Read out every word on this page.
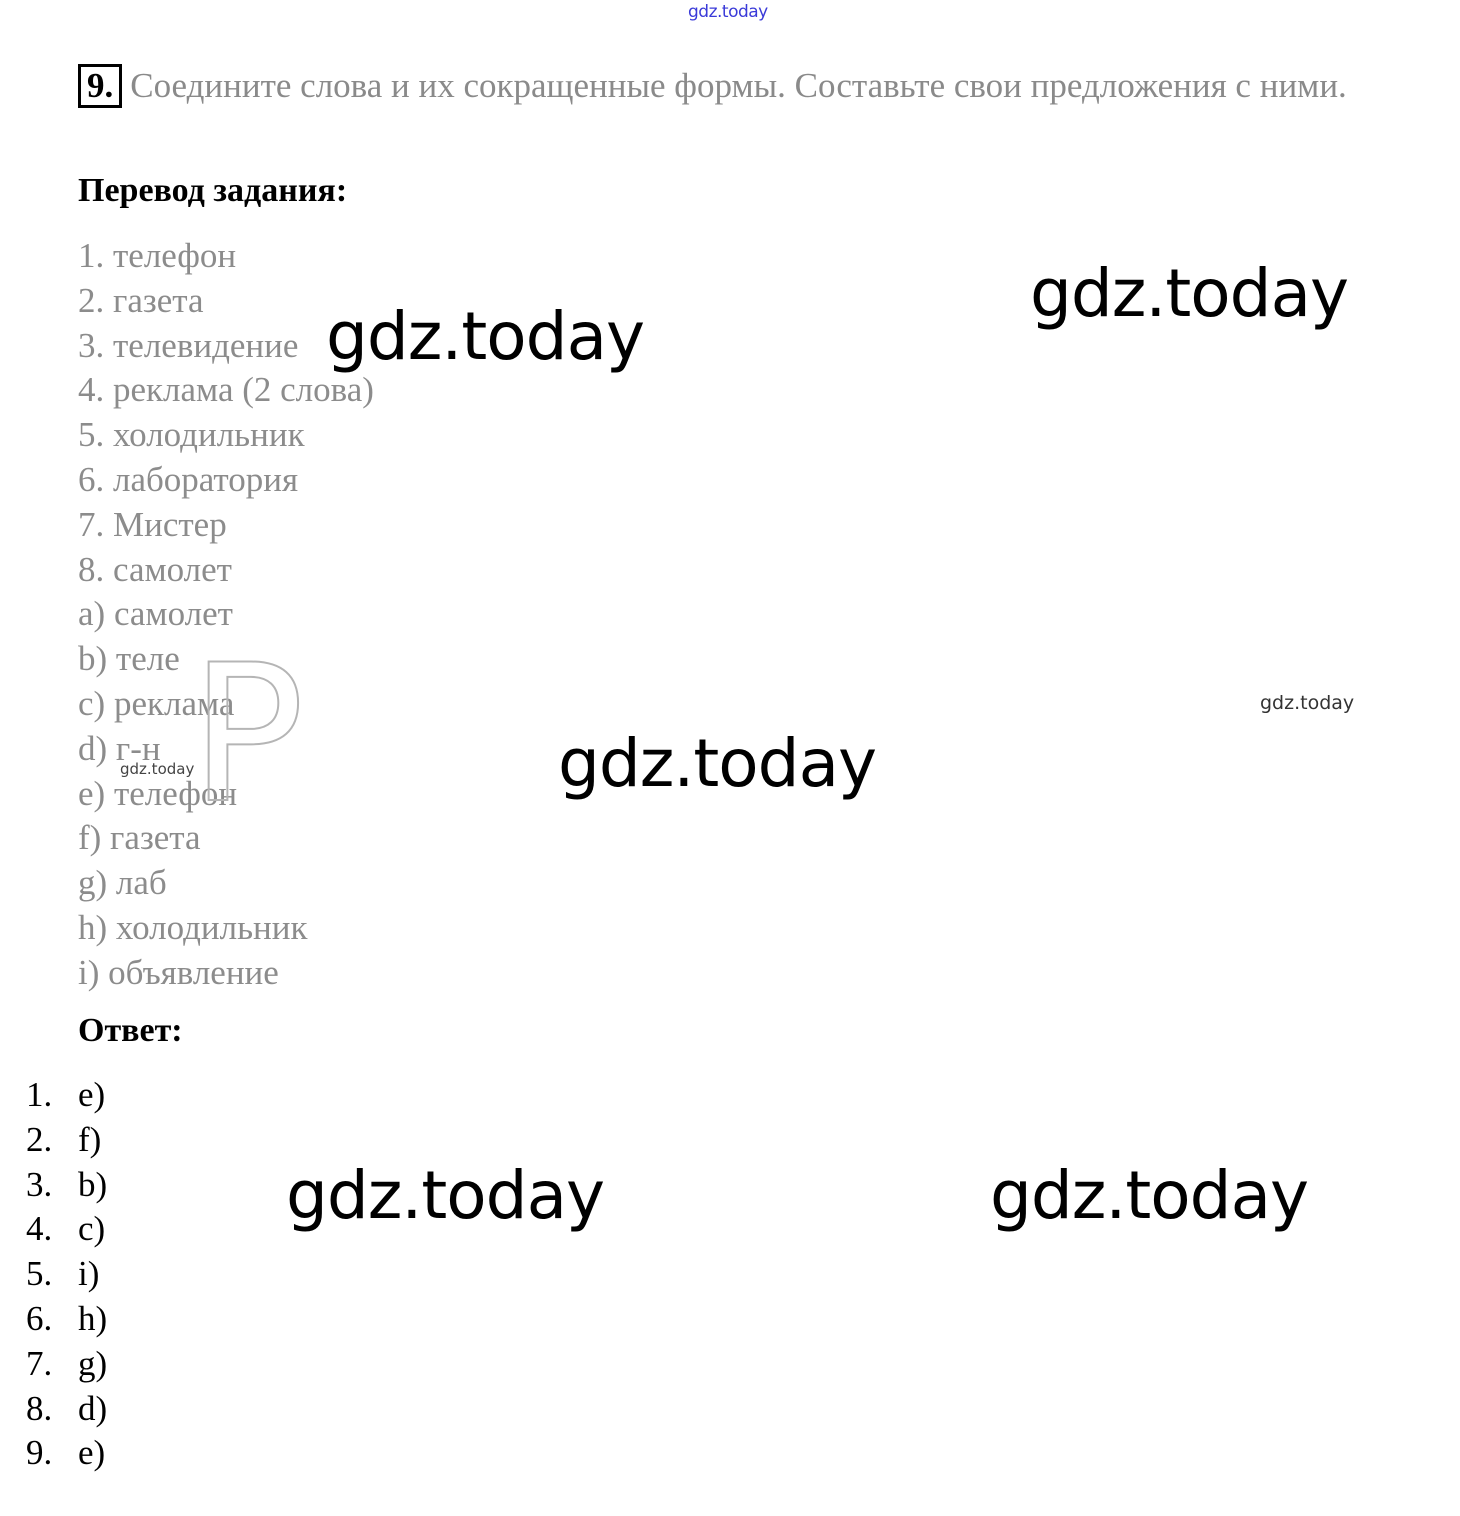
gdz.today
9. Соедините слова и их сокращенные формы. Составьте свои предложения с ними.
Перевод задания:
1. телефон
2. газета
3. телевидение
4. реклама (2 слова)
5. холодильник
6. лаборатория
7. Мистер
8. самолет
a) самолет
b) теле
c) реклама
d) г-н
e) телефон
f) газета
g) лаб
h) холодильник
i) объявление
Ответ:
1. e)
2. f)
3. b)
4. c)
5. i)
6. h)
7. g)
8. d)
9. e)
P
gdz.today
gdz.today
gdz.today
gdz.today	gdz.today
gdz.today
gdz.today
